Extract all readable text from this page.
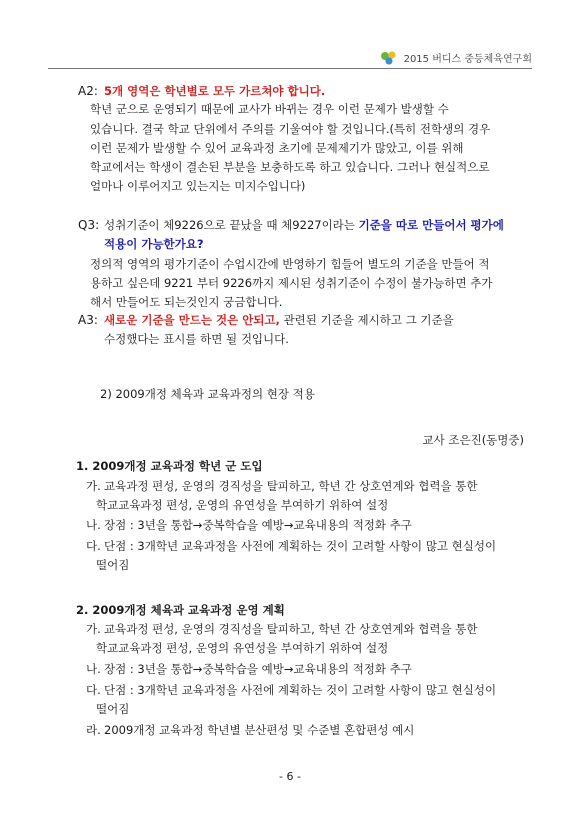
2015 버디스 중등체육연구회
A2: 5개 영역은 학년별로 모두 가르쳐야 합니다.
학년 군으로 운영되기 때문에 교사가 바뀌는 경우 이런 문제가 발생할 수
있습니다. 결국 학교 단위에서 주의를 기울여야 할 것입니다.(특히 전학생의 경우
이런 문제가 발생할 수 있어 교육과정 초기에 문제제기가 많았고, 이를 위해
학교에서는 학생이 결손된 부분을 보충하도록 하고 있습니다. 그러나 현실적으로
얼마나 이루어지고 있는지는 미지수입니다)
Q3: 성취기준이 체9226으로 끝났을 때 체9227이라는 기준을 따로 만들어서 평가에
적용이 가능한가요?
정의적 영역의 평가기준이 수업시간에 반영하기 힘들어 별도의 기준을 만들어 적
용하고 싶은데 9221 부터 9226까지 제시된 성취기준이 수정이 불가능하면 추가
해서 만들어도 되는것인지 궁금합니다.
A3: 새로운 기준을 만드는 것은 안되고, 관련된 기준을 제시하고 그 기준을
수정했다는 표시를 하면 될 것입니다.
2) 2009개정 체육과 교육과정의 현장 적용
교사 조은진(동명중)
1. 2009개정 교육과정 학년 군 도입
가. 교육과정 편성, 운영의 경직성을 탈피하고, 학년 간 상호연계와 협력을 통한
학교교육과정 편성, 운영의 유연성을 부여하기 위하여 설정
나. 장점 : 3년을 통합→중복학습을 예방→교육내용의 적정화 추구
다. 단점 : 3개학년 교육과정을 사전에 계획하는 것이 고려할 사항이 많고 현실성이
떨어짐
2. 2009개정 체육과 교육과정 운영 계획
가. 교육과정 편성, 운영의 경직성을 탈피하고, 학년 간 상호연계와 협력을 통한
학교교육과정 편성, 운영의 유연성을 부여하기 위하여 설정
나. 장점 : 3년을 통합→중복학습을 예방→교육내용의 적정화 추구
다. 단점 : 3개학년 교육과정을 사전에 계획하는 것이 고려할 사항이 많고 현실성이
떨어짐
라. 2009개정 교육과정 학년별 분산편성 및 수준별 혼합편성 예시
- 6 -
